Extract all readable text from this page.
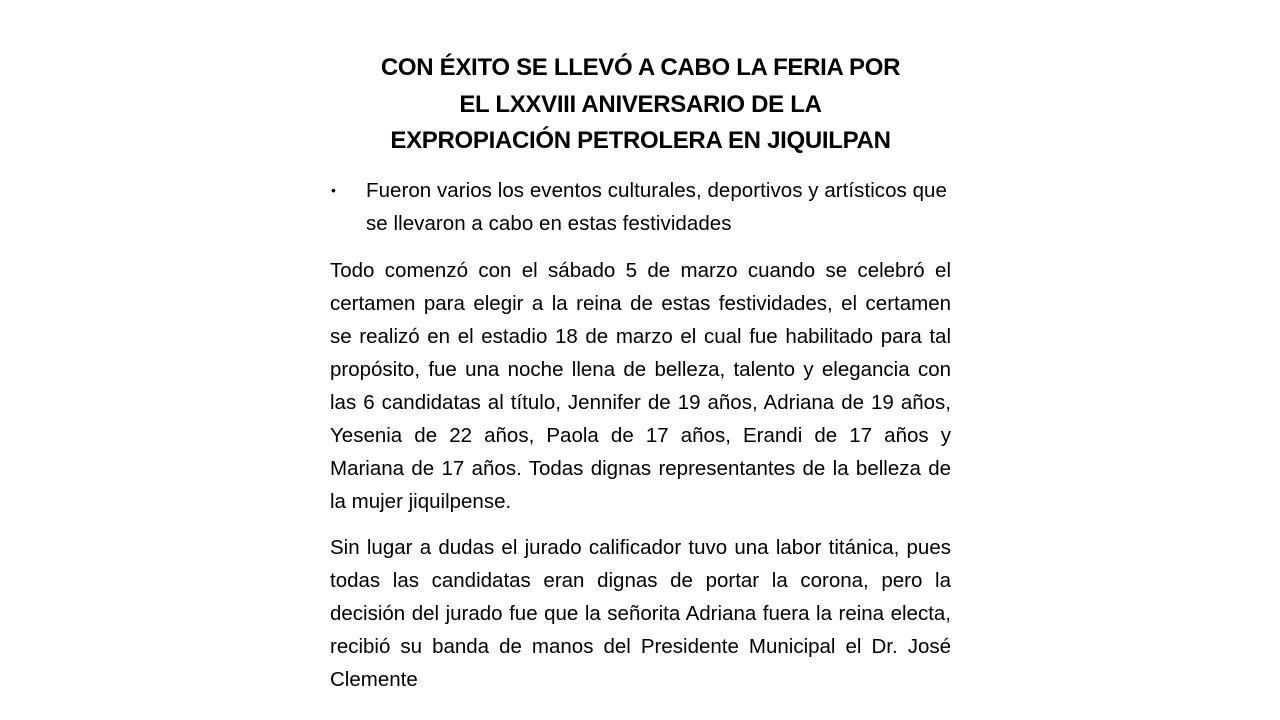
CON ÉXITO SE LLEVÓ A CABO LA FERIA POR
EL LXXVIII ANIVERSARIO DE LA
EXPROPIACIÓN PETROLERA EN JIQUILPAN
• Fueron varios los eventos culturales, deportivos y artísticos que se llevaron a cabo en estas festividades

Todo comenzó con el sábado 5 de marzo cuando se celebró el certamen para elegir a la reina de estas festividades, el certamen se realizó en el estadio 18 de marzo el cual fue habilitado para tal propósito, fue una noche llena de belleza, talento y elegancia con las 6 candidatas al título, Jennifer de 19 años, Adriana de 19 años, Yesenia de 22 años, Paola de 17 años, Erandi de 17 años y Mariana de 17 años. Todas dignas representantes de la belleza de la mujer jiquilpense.

Sin lugar a dudas el jurado calificador tuvo una labor titánica, pues todas las candidatas eran dignas de portar la corona, pero la decisión del jurado fue que la señorita Adriana fuera la reina electa, recibió su banda de manos del Presidente Municipal el Dr. José Clemente
